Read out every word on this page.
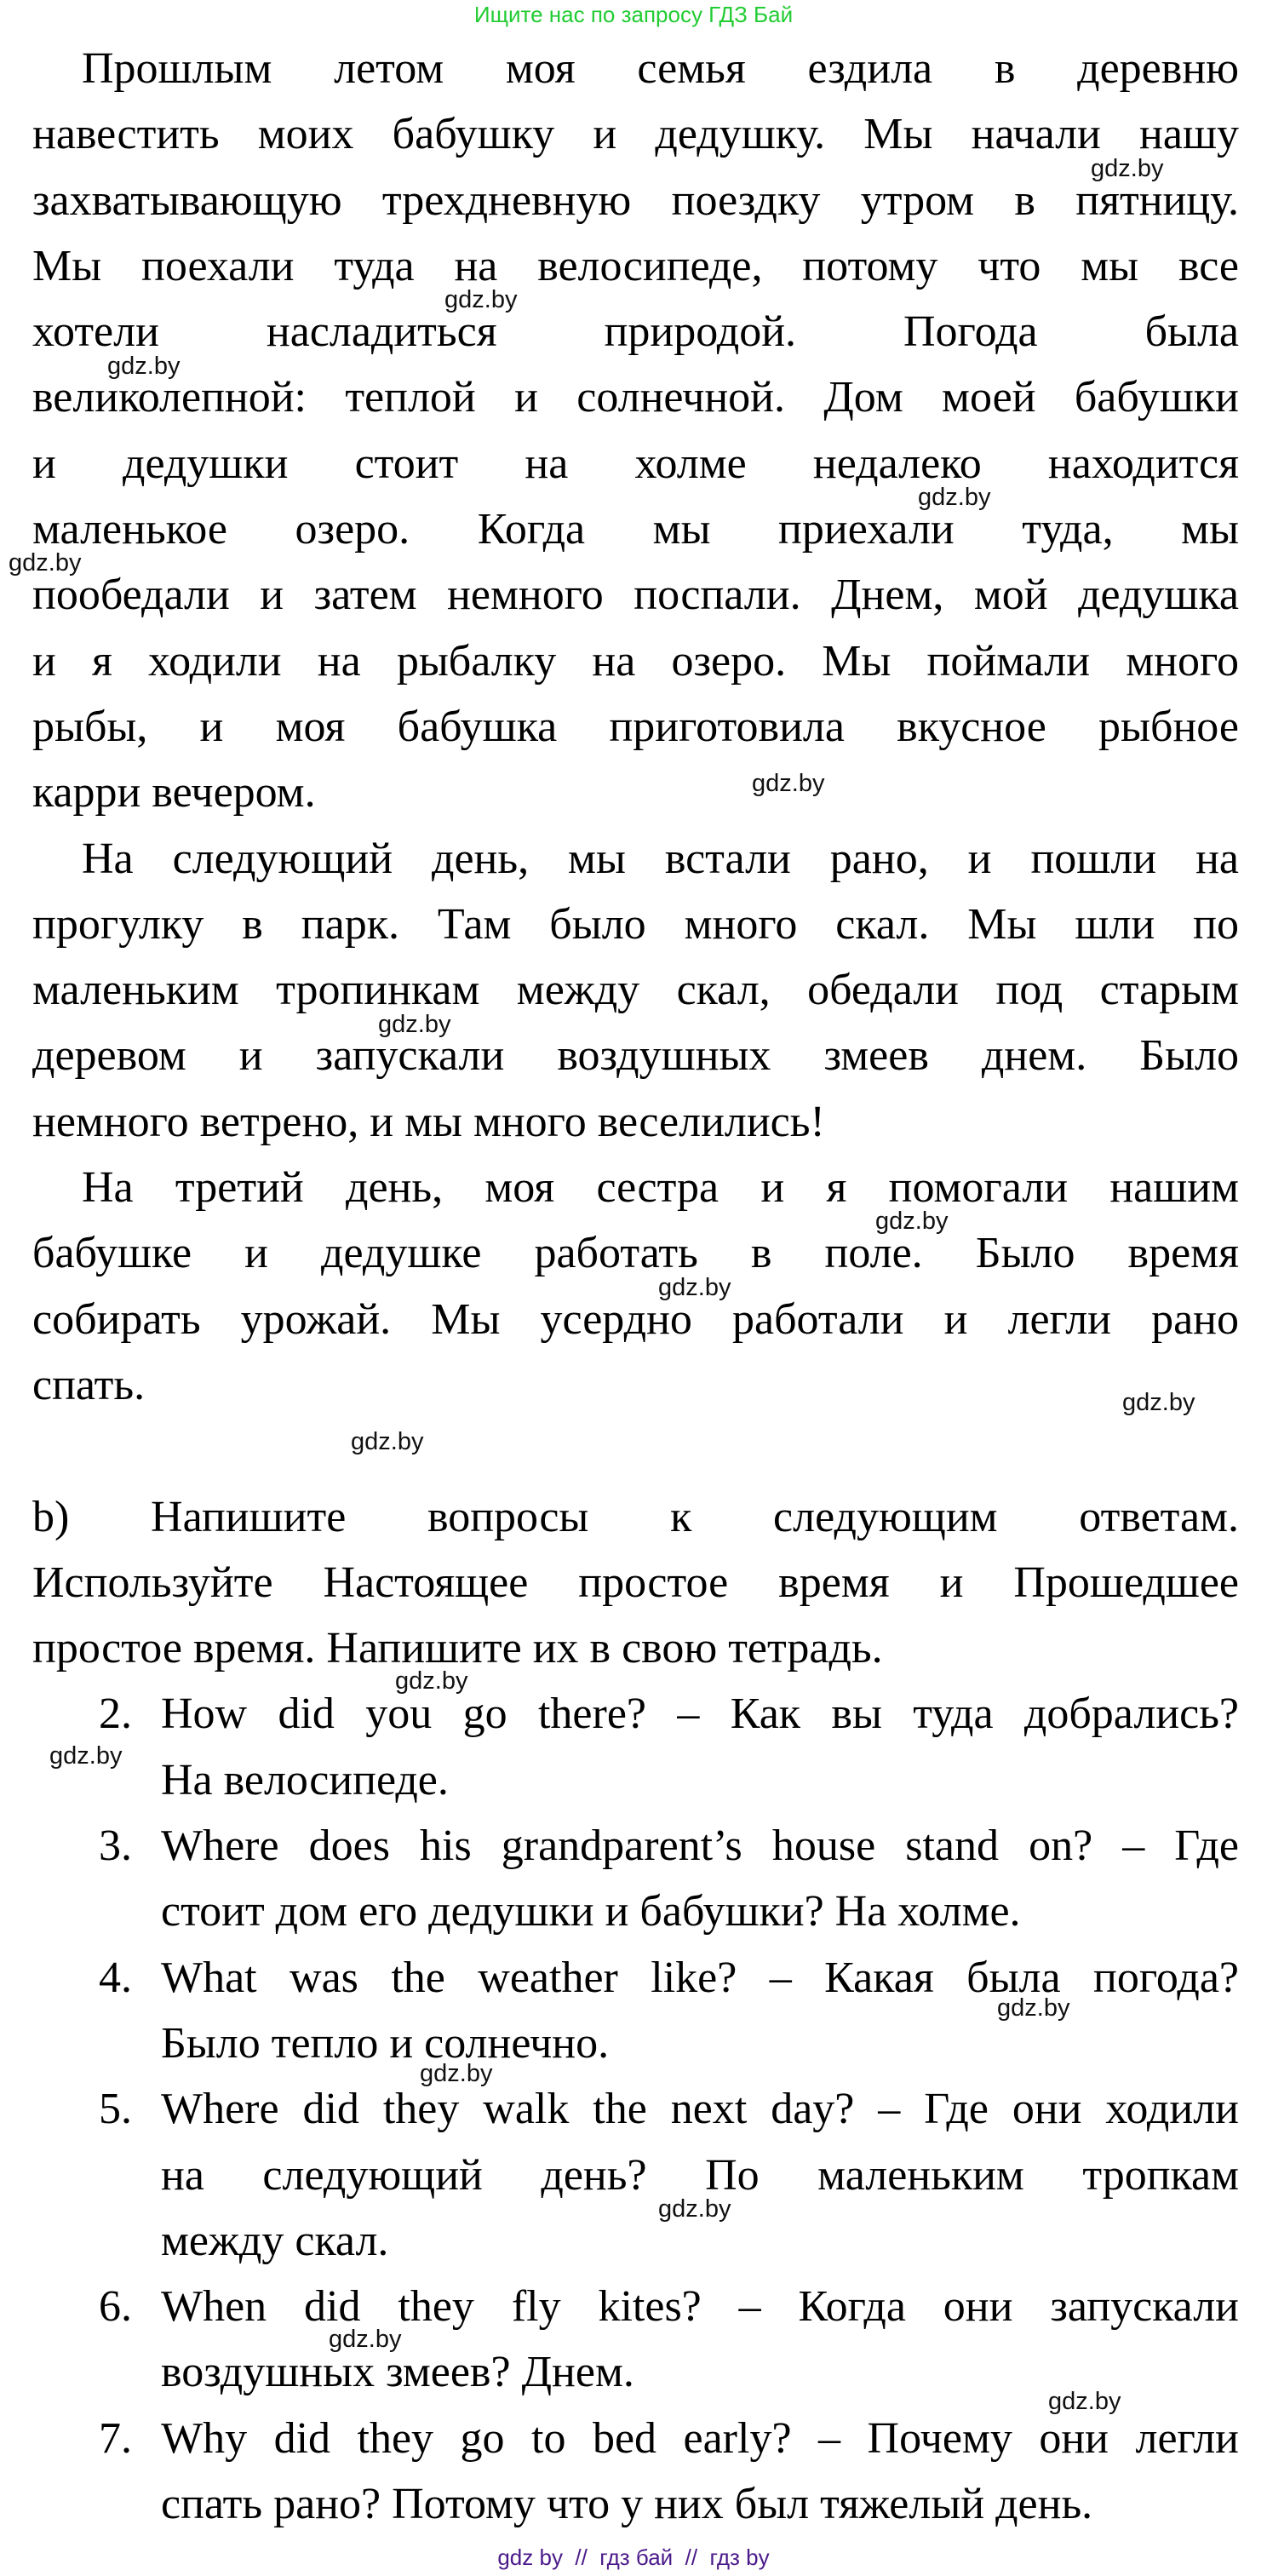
Ищите нас по запросу ГДЗ Бай
Прошлым летом моя семья ездила в деревню
навестить моих бабушку и дедушку. Мы начали нашу
захватывающую трехдневную поездку утром в пятницу.
Мы поехали туда на велосипеде, потому что мы все
хотели насладиться природой. Погода была
великолепной: теплой и солнечной. Дом моей бабушки
и дедушки стоит на холме недалеко находится
маленькое озеро. Когда мы приехали туда, мы
пообедали и затем немного поспали. Днем, мой дедушка
и я ходили на рыбалку на озеро. Мы поймали много
рыбы, и моя бабушка приготовила вкусное рыбное
карри вечером.
На следующий день, мы встали рано, и пошли на
прогулку в парк. Там было много скал. Мы шли по
маленьким тропинкам между скал, обедали под старым
деревом и запускали воздушных змеев днем. Было
немного ветрено, и мы много веселились!
На третий день, моя сестра и я помогали нашим
бабушке и дедушке работать в поле. Было время
собирать урожай. Мы усердно работали и легли рано
спать.
b) Напишите вопросы к следующим ответам.
Используйте Настоящее простое время и Прошедшее
простое время. Напишите их в свою тетрадь.
2. How did you go there? – Как вы туда добрались?
На велосипеде.
3. Where does his grandparent’s house stand on? – Где
стоит дом его дедушки и бабушки? На холме.
4. What was the weather like? – Какая была погода?
Было тепло и солнечно.
5. Where did they walk the next day? – Где они ходили
на следующий день? По маленьким тропкам
между скал.
6. When did they fly kites? – Когда они запускали
воздушных змеев? Днем.
7. Why did they go to bed early? – Почему они легли
спать рано? Потому что у них был тяжелый день.
gdz.by
gdz.by
gdz.by
gdz.by
gdz.by
gdz.by
gdz.by
gdz.by
gdz.by
gdz.by
gdz.by
gdz.by
gdz.by
gdz.by
gdz.by
gdz.by
gdz.by
gdz.by
gdz by  //  гдз бай  //  гдз by
